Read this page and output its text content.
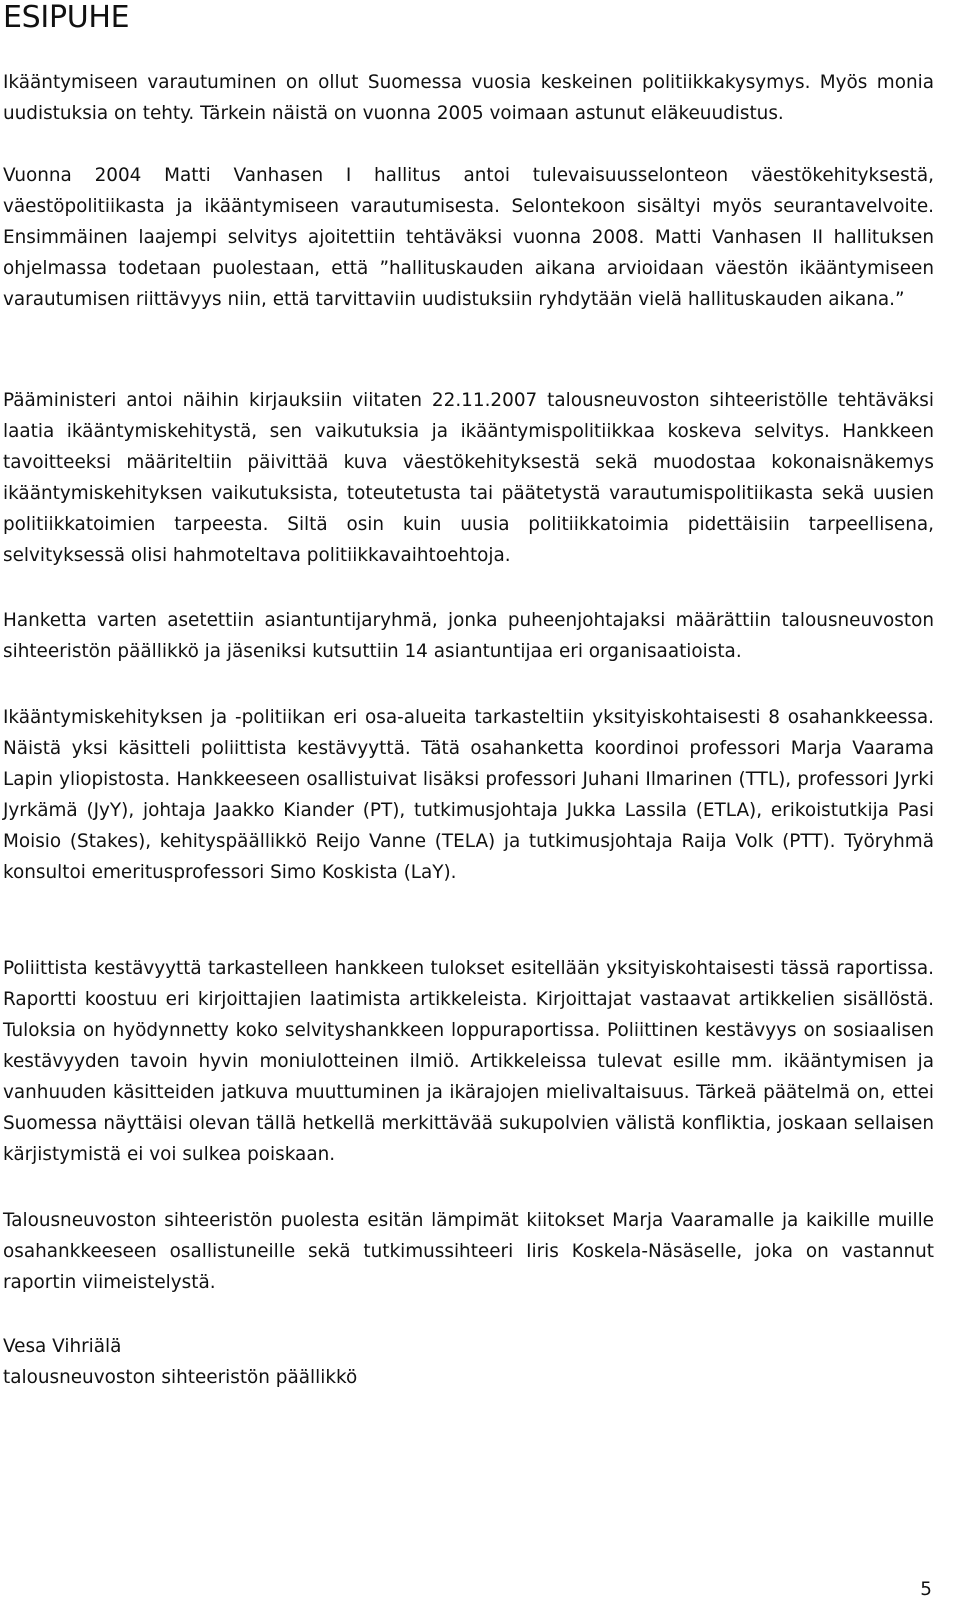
ESIPUHE

Ikääntymiseen varautuminen on ollut Suomessa vuosia keskeinen politiikkakysymys. Myös monia uudistuksia on tehty. Tärkein näistä on vuonna 2005 voimaan astunut eläkeuudistus.

Vuonna 2004 Matti Vanhasen I hallitus antoi tulevaisuusselonteon väestökehityksestä, väestöpolitiikasta ja ikääntymiseen varautumisesta. Selontekoon sisältyi myös seurantavelvoite. Ensimmäinen laajempi selvitys ajoitettiin tehtäväksi vuonna 2008. Matti Vanhasen II hallituksen ohjelmassa todetaan puolestaan, että ”hallituskauden aikana arvioidaan väestön ikääntymiseen varautumisen riittävyys niin, että tarvittaviin uudistuksiin ryhdytään vielä hallituskauden aikana.”

Pääministeri antoi näihin kirjauksiin viitaten 22.11.2007 talousneuvoston sihteeristölle tehtäväksi laatia ikääntymiskehitystä, sen vaikutuksia ja ikääntymispolitiikkaa koskeva selvitys. Hankkeen tavoitteeksi määriteltiin päivittää kuva väestökehityksestä sekä muodostaa kokonaisnäkemys ikääntymiskehityksen vaikutuksista, toteutetusta tai päätetystä varautumispolitiikasta sekä uusien politiikkatoimien tarpeesta. Siltä osin kuin uusia politiikkatoimia pidettäisiin tarpeellisena, selvityksessä olisi hahmoteltava politiikkavaihtoehtoja.

Hanketta varten asetettiin asiantuntijaryhmä, jonka puheenjohtajaksi määrättiin talousneuvoston sihteeristön päällikkö ja jäseniksi kutsuttiin 14 asiantuntijaa eri organisaatioista.

Ikääntymiskehityksen ja -politiikan eri osa-alueita tarkasteltiin yksityiskohtaisesti 8 osahankkeessa. Näistä yksi käsitteli poliittista kestävyyttä. Tätä osahanketta koordinoi professori Marja Vaarama Lapin yliopistosta. Hankkeeseen osallistuivat lisäksi professori Juhani Ilmarinen (TTL), professori Jyrki Jyrkämä (JyY), johtaja Jaakko Kiander (PT), tutkimusjohtaja Jukka Lassila (ETLA), erikoistutkija Pasi Moisio (Stakes), kehityspäällikkö Reijo Vanne (TELA) ja tutkimusjohtaja Raija Volk (PTT). Työryhmä konsultoi emeritusprofessori Simo Koskista (LaY).

Poliittista kestävyyttä tarkastelleen hankkeen tulokset esitellään yksityiskohtaisesti tässä raportissa. Raportti koostuu eri kirjoittajien laatimista artikkeleista. Kirjoittajat vastaavat artikkelien sisällöstä. Tuloksia on hyödynnetty koko selvityshankkeen loppuraportissa. Poliittinen kestävyys on sosiaalisen kestävyyden tavoin hyvin moniulotteinen ilmiö. Artikkeleissa tulevat esille mm. ikääntymisen ja vanhuuden käsitteiden jatkuva muuttuminen ja ikärajojen mielivaltaisuus. Tärkeä päätelmä on, ettei Suomessa näyttäisi olevan tällä hetkellä merkittävää sukupolvien välistä konfliktia, joskaan sellaisen kärjistymistä ei voi sulkea poiskaan.

Talousneuvoston sihteeristön puolesta esitän lämpimät kiitokset Marja Vaaramalle ja kaikille muille osahankkeeseen osallistuneille sekä tutkimussihteeri Iiris Koskela-Näsäselle, joka on vastannut raportin viimeistelystä.

Vesa Vihriälä

talousneuvoston sihteeristön päällikkö

5
